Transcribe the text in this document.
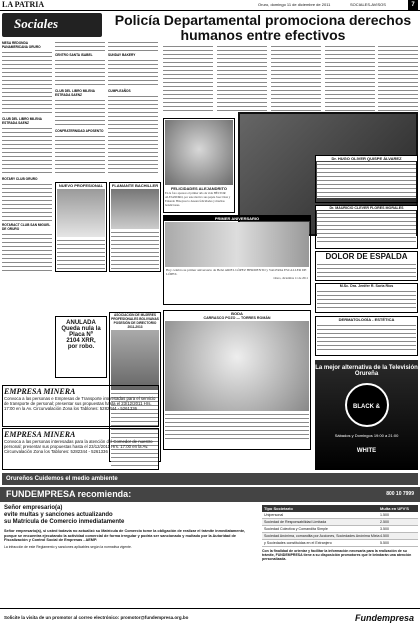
LA PATRIA	Oruro, domingo 11 de diciembre de 2011	SOCIALES-AVISOS	7
Sociales	Policía Departamental promociona derechos humanos entre efectivos
MESA REDONDA PANAMERICANA ORURO
CLUB DEL LIBRO MILENA ESTRADA SAENZ
ROTARY CLUB ORURO
ROTARACT CLUB SAN MIGUEL DE ORURO
CENTRO SANTA ISABEL
CLUB DEL LIBRO MILENA ESTRADA SAENZ
CONFRATERNIDAD APOSENTO
SUNDAY BAKERY
CUMPLEAÑOS
NUEVO PROFESIONAL	FLAMANTE BACHILLER
FELICIDADES ALEJANDRITO
En la foto aparece el primer año de vida HÉCTOR ALEJANDRO, por este motivo sus papás Jose Chuz y Eduardo Hinojosa lo desean felicidades y muchas bendiciones.
PRIMER ANIVERSARIO
Hoy celebra su primer aniversario de Bebé ARIEL LÓPEZ HERMENTO y VALERIA ESCALLER DE LÓPEZ.
Oruro, diciembre 11 de 2011
BODA
CARRASCO POZO — TORRES ROMÁN
ANULADA
Queda nula la
Placa Nº
2104 XRR,
por robo.
ASOCIACIÓN DE MUJERES PROFESIONALES BOLIVIANAS POSESIÓN DE DIRECTORIO 2011-2013
EMPRESA MINERA
Convoca a las personas e Empresas de Transporte interesadas para el servicio de transporte de personal; presentar sus propuestas hasta el 23/12/2011 Hrs. 17:00 en la Av. Circunvalación Zona los Tablones: 5282344 - 5261336
EMPRESA MINERA
Convoca a las personas interesadas para la atención del Comedor de nuestro personal; presentar sus propuestas hasta el 23/12/2011 Hrs. 17:00 en la Av. Circunvalación Zona los Tablones: 5282344 - 5261336
Dr. HUGO OLIVER QUISPE ÁLVAREZ
Dr. MAURICIO CLEVER FLORES MORALES
DOLOR DE ESPALDA
M.Sc. Dra. Jenifer R. Soria Ríos
DERMATOLOGÍA - ESTÉTICA
La mejor alternativa de la Televisión Orureña
BLACK & WHITE
Sábados y Domingos 19:00 a 21:00
Orureños Cuidemos el medio ambiente
FUNDEMPRESA recomienda:	800 10 7999
Señor empresario(a)
evite multas y sanciones actualizando
su Matrícula de Comercio inmediatamente
Señor empresario(a), si usted todavía no actualizó su Matrícula de Comercio tome la obligación de realizar el trámite inmediatamente, porque se encuentra ejecutando la actividad comercial de forma irregular y podría ser sancionado y multado por la Autoridad de Fiscalización y Control Social de Empresas - AEMP.
La infracción de este Reglamento y sanciones aplicables según la normativa vigente.
Tipo Societario	Multa en UFV'S
Unipersonal	1.500
Sociedad de Responsabilidad Limitada	2.500
Sociedad Colectiva y Comandita Simple	3.500
Sociedad Anónima, comandita por Acciones, Sociedades Anónima Mixta 4.500
y Sociedades constituidas en el Extranjero	5.500
Con la finalidad de orientar y facilitar la información necesaria para la realización de su trámite, FUNDEMPRESA tiene a su disposición promotores que le brindarán una atención personalizada.
Solicite la visita de un promotor al correo electrónico: promotor@fundempresa.org.bo	Fundempresa
